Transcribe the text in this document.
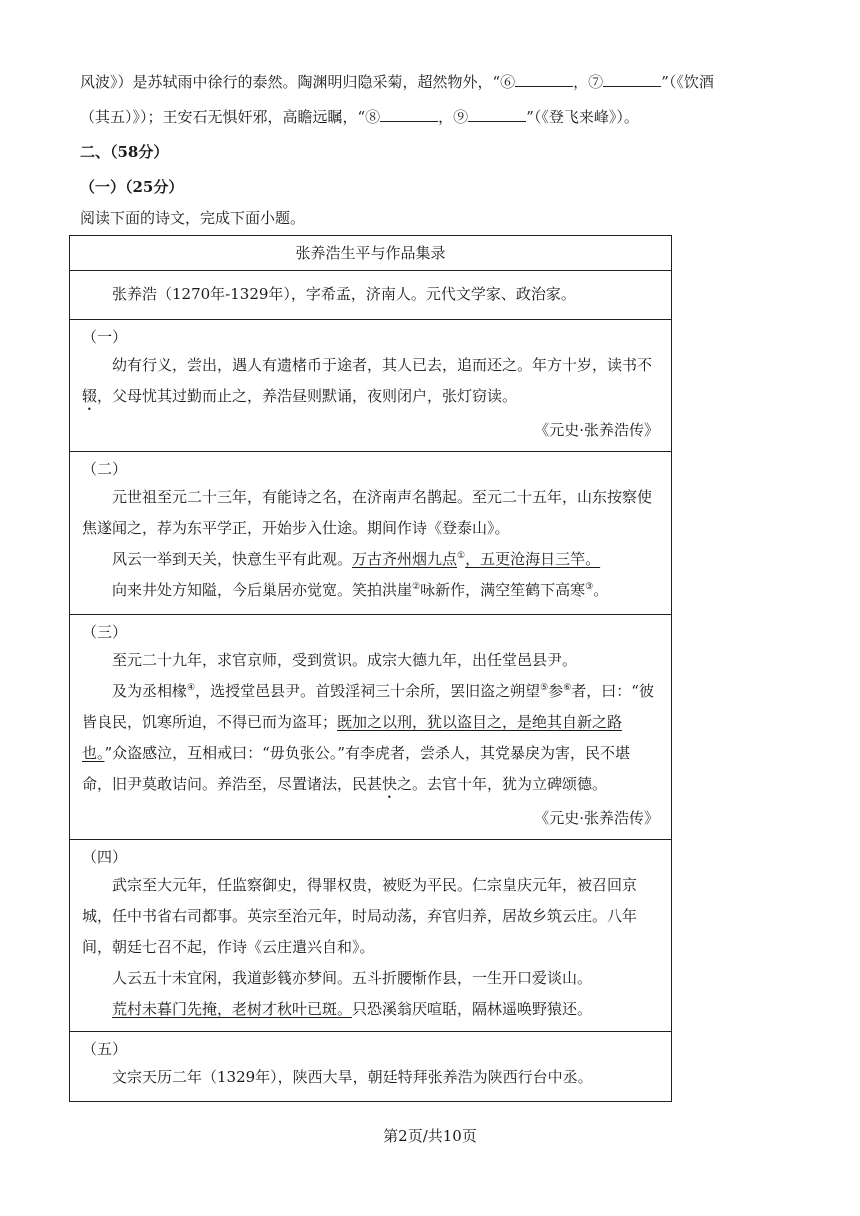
风波》）是苏轼雨中徐行的泰然。陶渊明归隐采菊，超然物外，“⑥	，⑦	”（《饮酒
（其五）》）；王安石无惧奸邪，高瞻远瞩，“⑧	，⑨	”（《登飞来峰》）。
二、（58分）
（一）（25分）
阅读下面的诗文，完成下面小题。
张养浩生平与作品集录

张养浩（1270年-1329年），字希孟，济南人。元代文学家、政治家。

（一）

幼有行义，尝出，遇人有遗楮币于途者，其人已去，追而还之。年方十岁，读书不辍，父母忧其过勤而止之，养浩昼则默诵，夜则闭户，张灯窃读。

《元史·张养浩传》

（二）

元世祖至元二十三年，有能诗之名，在济南声名鹊起。至元二十五年，山东按察使焦遂闻之，荐为东平学正，开始步入仕途。期间作诗《登泰山》。

风云一举到天关，快意生平有此观。万古齐州烟九点①，五更沧海日三竿。

向来井处方知隘，今后巢居亦觉宽。笑拍洪崖②咏新作，满空笙鹤下高寒③。

（三）

至元二十九年，求官京师，受到赏识。成宗大德九年，出任堂邑县尹。

及为丞相椽④，选授堂邑县尹。首毁淫祠三十余所，罢旧盗之朔望⑤参⑥者，曰：“彼皆良民，饥寒所迫，不得已而为盗耳；既加之以刑，犹以盗目之，是绝其自新之路也。”众盗感泣，互相戒曰：“毋负张公。”有李虎者，尝杀人，其党暴戾为害，民不堪命，旧尹莫敢诘问。养浩至，尽置诸法，民甚快之。去官十年，犹为立碑颂德。

《元史·张养浩传》

（四）

武宗至大元年，任监察御史，得罪权贵，被贬为平民。仁宗皇庆元年，被召回京城，任中书省右司都事。英宗至治元年，时局动荡，弃官归养，居故乡筑云庄。八年间，朝廷七召不起，作诗《云庄遣兴自和》。

人云五十未宜闲，我道彭篯亦梦间。五斗折腰惭作县，一生开口爱谈山。

荒村未暮门先掩，老树才秋叶已斑。只恐溪翁厌喧聒，隔林遥唤野猿还。

（五）

文宗天历二年（1329年），陕西大旱，朝廷特拜张养浩为陕西行台中丞。

第2页/共10页
